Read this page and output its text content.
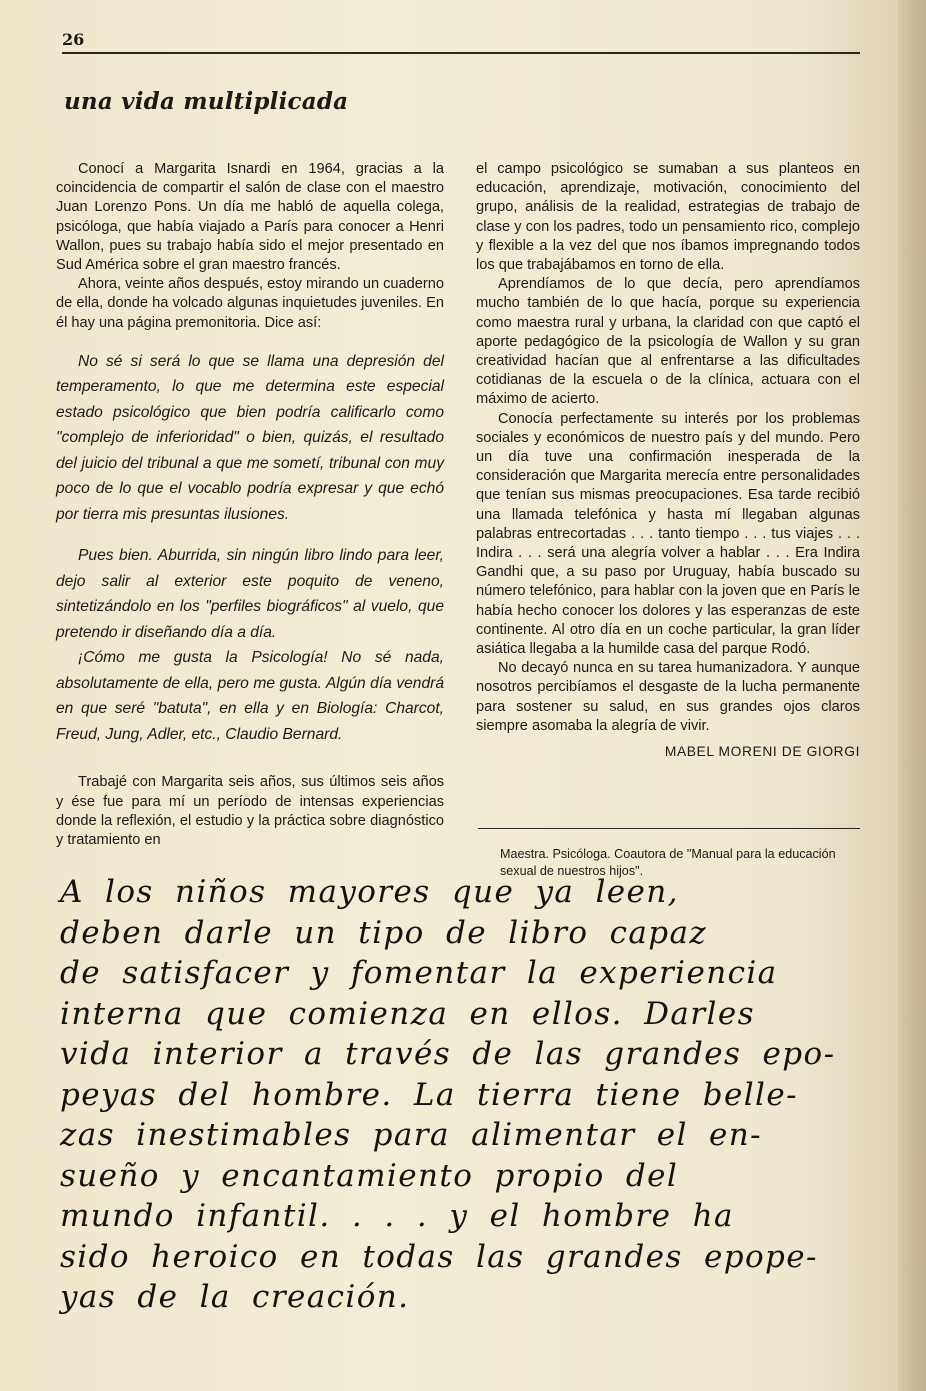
26
una vida multiplicada

Conocí a Margarita Isnardi en 1964, gracias a la coincidencia de compartir el salón de clase con el maestro Juan Lorenzo Pons. Un día me habló de aquella colega, psicóloga, que había viajado a París para conocer a Henri Wallon, pues su trabajo había sido el mejor presentado en Sud América sobre el gran maestro francés.

Ahora, veinte años después, estoy mirando un cuaderno de ella, donde ha volcado algunas inquietudes juveniles. En él hay una página premonitoria. Dice así:

No sé si será lo que se llama una depresión del temperamento, lo que me determina este especial estado psicológico que bien podría calificarlo como "complejo de inferioridad" o bien, quizás, el resultado del juicio del tribunal a que me sometí, tribunal con muy poco de lo que el vocablo podría expresar y que echó por tierra mis presuntas ilusiones.

Pues bien. Aburrida, sin ningún libro lindo para leer, dejo salir al exterior este poquito de veneno, sintetizándolo en los "perfiles biográficos" al vuelo, que pretendo ir diseñando día a día.

¡Cómo me gusta la Psicología! No sé nada, absolutamente de ella, pero me gusta. Algún día vendrá en que seré "batuta", en ella y en Biología: Charcot, Freud, Jung, Adler, etc., Claudio Bernard.

Trabajé con Margarita seis años, sus últimos seis años y ése fue para mí un período de intensas experiencias donde la reflexión, el estudio y la práctica sobre diagnóstico y tratamiento en

el campo psicológico se sumaban a sus planteos en educación, aprendizaje, motivación, conocimiento del grupo, análisis de la realidad, estrategias de trabajo de clase y con los padres, todo un pensamiento rico, complejo y flexible a la vez del que nos íbamos impregnando todos los que trabajábamos en torno de ella.

Aprendíamos de lo que decía, pero aprendíamos mucho también de lo que hacía, porque su experiencia como maestra rural y urbana, la claridad con que captó el aporte pedagógico de la psicología de Wallon y su gran creatividad hacían que al enfrentarse a las dificultades cotidianas de la escuela o de la clínica, actuara con el máximo de acierto.

Conocía perfectamente su interés por los problemas sociales y económicos de nuestro país y del mundo. Pero un día tuve una confirmación inesperada de la consideración que Margarita merecía entre personalidades que tenían sus mismas preocupaciones. Esa tarde recibió una llamada telefónica y hasta mí llegaban algunas palabras entrecortadas . . . tanto tiempo . . . tus viajes . . . Indira . . . será una alegría volver a hablar . . . Era Indira Gandhi que, a su paso por Uruguay, había buscado su número telefónico, para hablar con la joven que en París le había hecho conocer los dolores y las esperanzas de este continente. Al otro día en un coche particular, la gran líder asiática llegaba a la humilde casa del parque Rodó.

No decayó nunca en su tarea humanizadora. Y aunque nosotros percibíamos el desgaste de la lucha permanente para sostener su salud, en sus grandes ojos claros siempre asomaba la alegría de vivir.

MABEL MORENI DE GIORGI

Maestra. Psicóloga. Coautora de "Manual para la educación sexual de nuestros hijos".
A los niños mayores que ya leen,
deben darle un tipo de libro capaz
de satisfacer y fomentar la experiencia
interna que comienza en ellos. Darles
vida interior a través de las grandes epo-
peyas del hombre. La tierra tiene belle-
zas inestimables para alimentar el en-
sueño y encantamiento propio del
mundo infantil. . . . y el hombre ha
sido heroico en todas las grandes epope-
yas de la creación.
